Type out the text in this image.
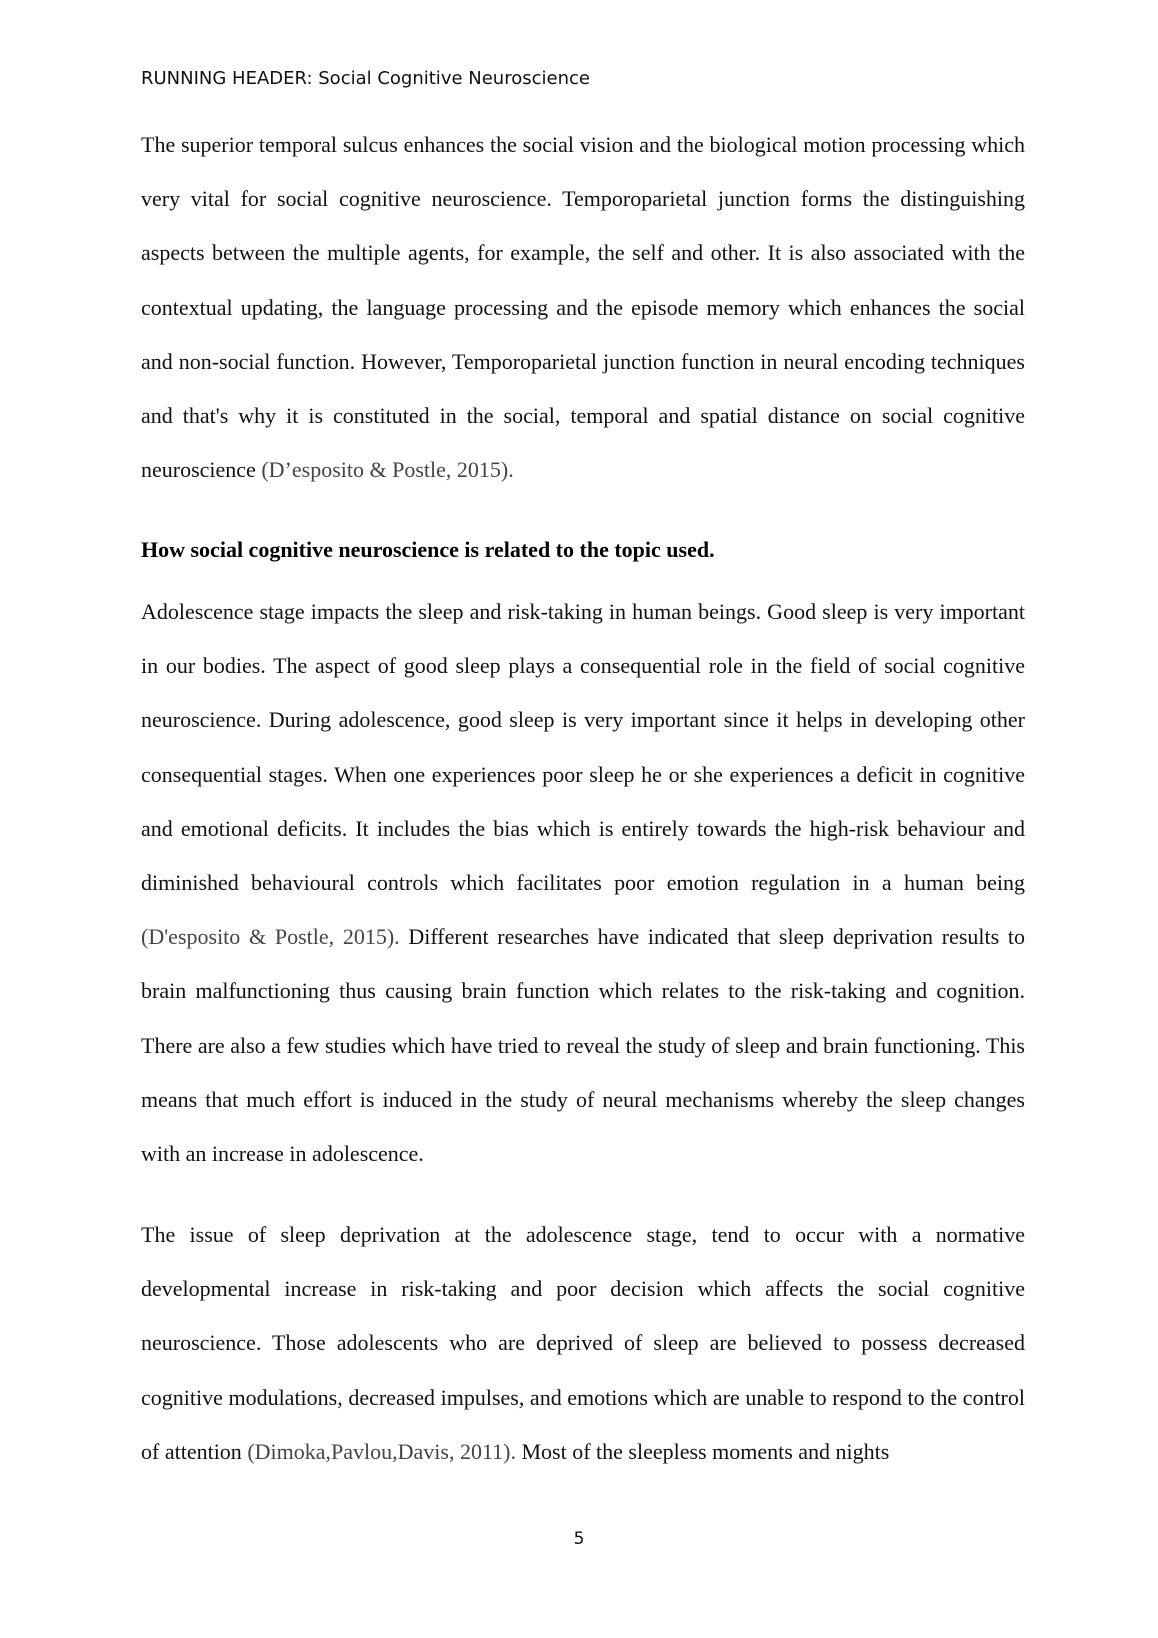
RUNNING HEADER: Social Cognitive Neuroscience

The superior temporal sulcus enhances the social vision and the biological motion processing which very vital for social cognitive neuroscience. Temporoparietal junction forms the distinguishing aspects between the multiple agents, for example, the self and other. It is also associated with the contextual updating, the language processing and the episode memory which enhances the social and non-social function. However, Temporoparietal junction function in neural encoding techniques and that's why it is constituted in the social, temporal and spatial distance on social cognitive neuroscience (D’esposito & Postle, 2015).

How social cognitive neuroscience is related to the topic used.

Adolescence stage impacts the sleep and risk-taking in human beings. Good sleep is very important in our bodies. The aspect of good sleep plays a consequential role in the field of social cognitive neuroscience. During adolescence, good sleep is very important since it helps in developing other consequential stages. When one experiences poor sleep he or she experiences a deficit in cognitive and emotional deficits. It includes the bias which is entirely towards the high-risk behaviour and diminished behavioural controls which facilitates poor emotion regulation in a human being (D'esposito & Postle, 2015). Different researches have indicated that sleep deprivation results to brain malfunctioning thus causing brain function which relates to the risk-taking and cognition. There are also a few studies which have tried to reveal the study of sleep and brain functioning. This means that much effort is induced in the study of neural mechanisms whereby the sleep changes with an increase in adolescence.

The issue of sleep deprivation at the adolescence stage, tend to occur with a normative developmental increase in risk-taking and poor decision which affects the social cognitive neuroscience. Those adolescents who are deprived of sleep are believed to possess decreased cognitive modulations, decreased impulses, and emotions which are unable to respond to the control of attention (Dimoka,Pavlou,Davis, 2011). Most of the sleepless moments and nights

5
